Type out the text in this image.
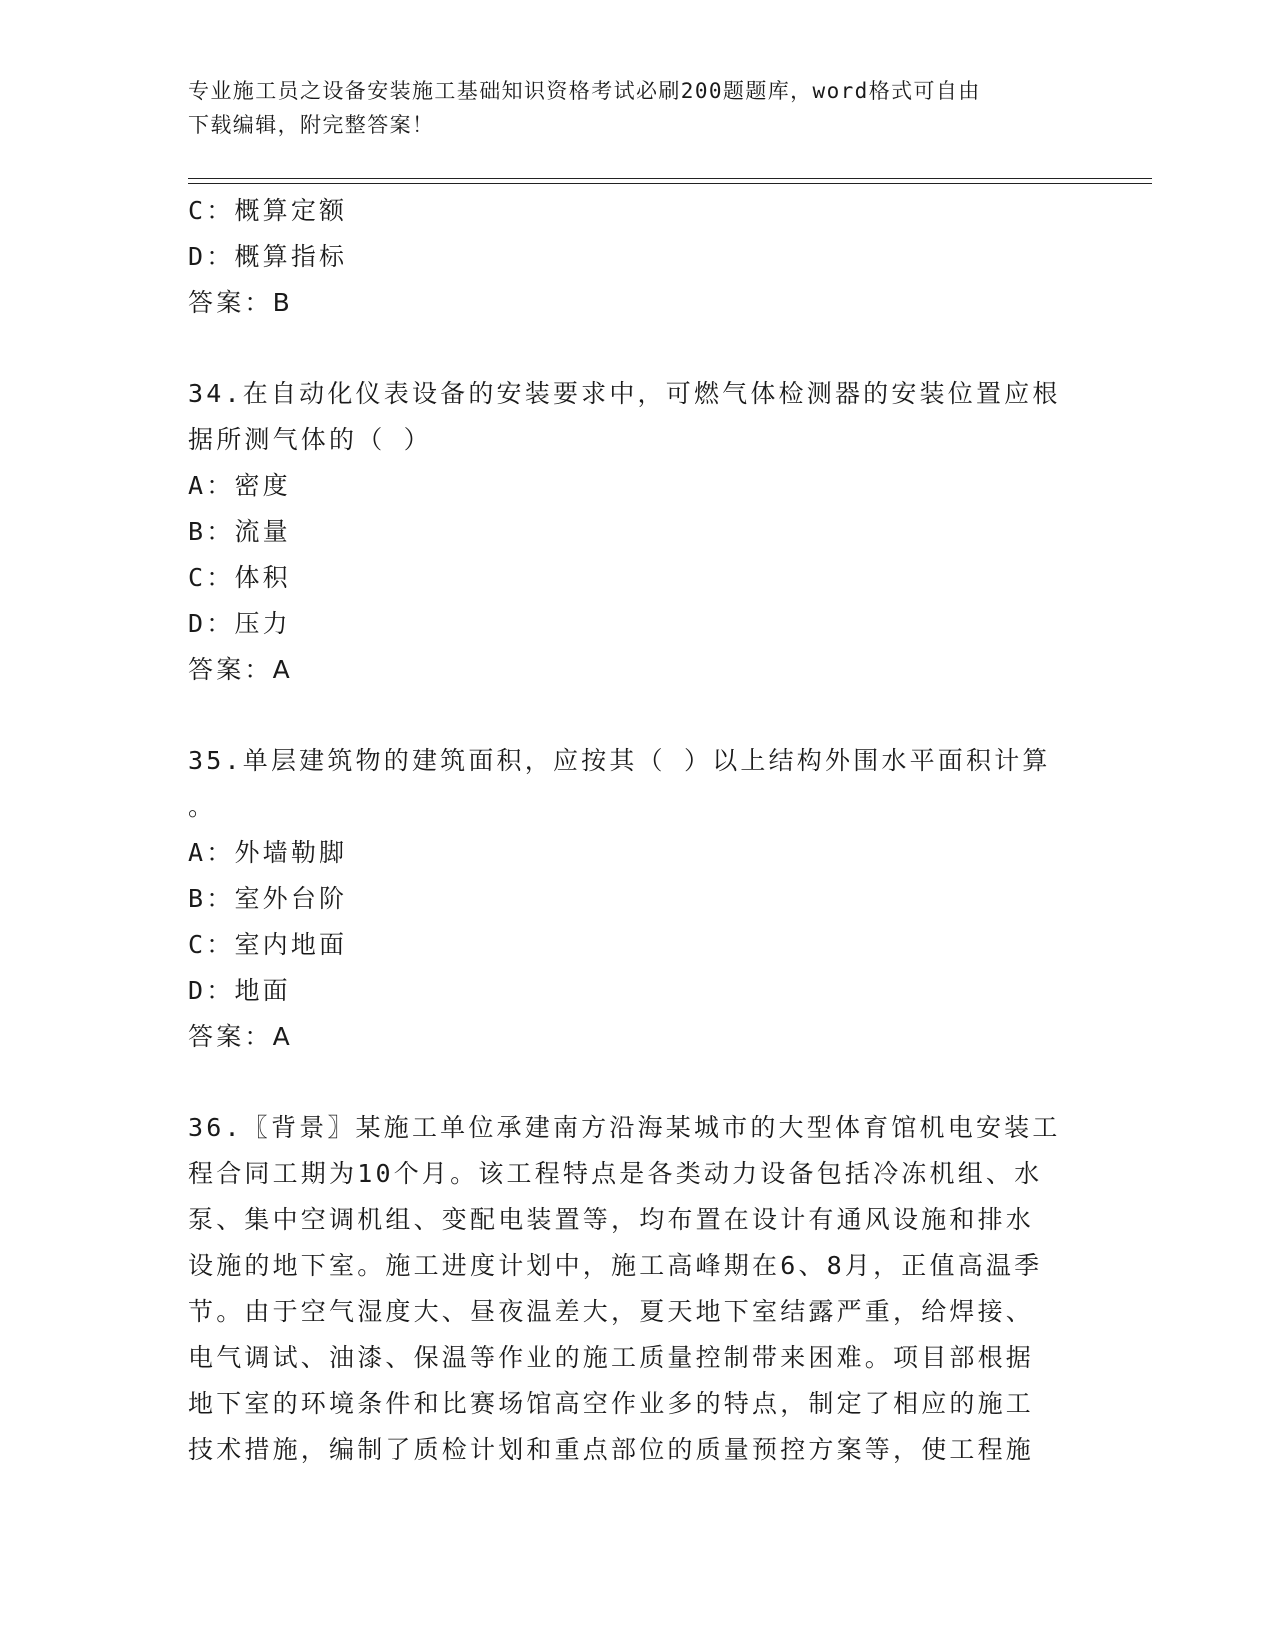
专业施工员之设备安装施工基础知识资格考试必刷200题题库，word格式可自由
下载编辑，附完整答案！
C：概算定额
D：概算指标
答案：B
34.在自动化仪表设备的安装要求中，可燃气体检测器的安装位置应根
据所测气体的（ ）
A：密度
B：流量
C：体积
D：压力
答案：A
35.单层建筑物的建筑面积，应按其（ ）以上结构外围水平面积计算
。
A：外墙勒脚
B：室外台阶
C：室内地面
D：地面
答案：A
36.〖背景〗某施工单位承建南方沿海某城市的大型体育馆机电安装工
程合同工期为10个月。该工程特点是各类动力设备包括冷冻机组、水
泵、集中空调机组、变配电装置等，均布置在设计有通风设施和排水
设施的地下室。施工进度计划中，施工高峰期在6、8月，正值高温季
节。由于空气湿度大、昼夜温差大，夏天地下室结露严重，给焊接、
电气调试、油漆、保温等作业的施工质量控制带来困难。项目部根据
地下室的环境条件和比赛场馆高空作业多的特点，制定了相应的施工
技术措施，编制了质检计划和重点部位的质量预控方案等，使工程施
